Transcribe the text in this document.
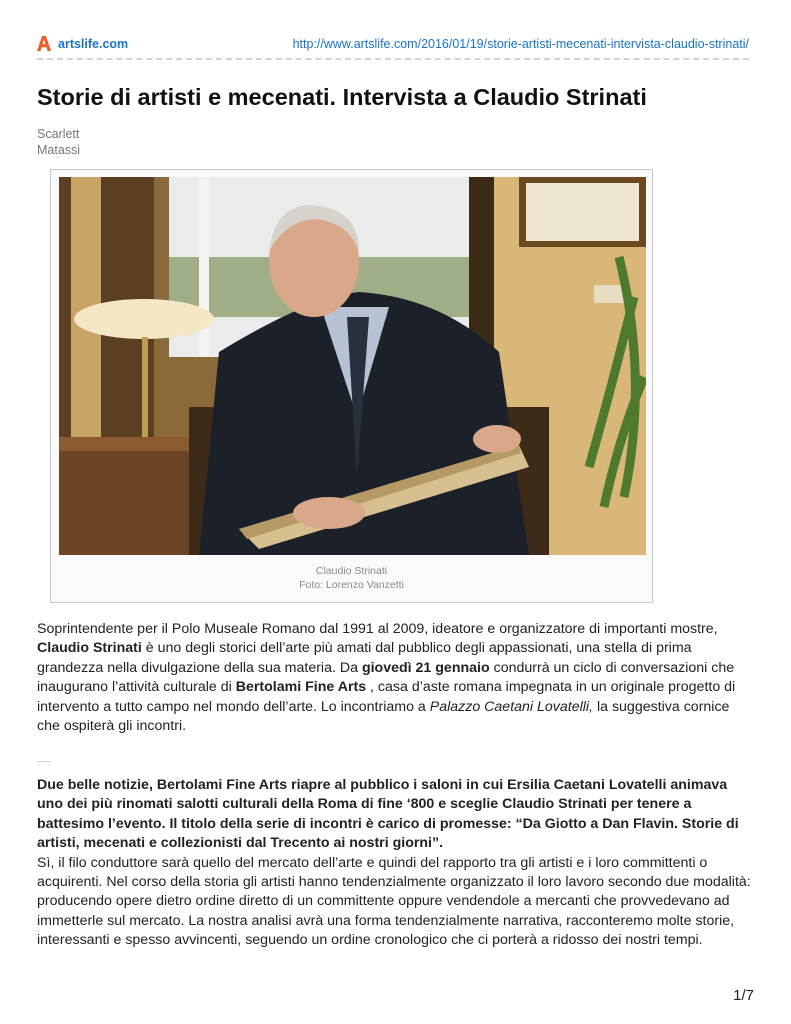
artslife.com	http://www.artslife.com/2016/01/19/storie-artisti-mecenati-intervista-claudio-strinati/
Storie di artisti e mecenati. Intervista a Claudio Strinati
Scarlett
Matassi
Claudio Strinati
Foto: Lorenzo Vanzetti

Soprintendente per il Polo Museale Romano dal 1991 al 2009, ideatore e organizzatore di importanti mostre,
Claudio Strinati è uno degli storici dell’arte più amati dal pubblico degli appassionati, una stella di prima grandezza nella divulgazione della sua materia. Da giovedì 21 gennaio condurrà un ciclo di conversazioni che inaugurano l’attività culturale di Bertolami Fine Arts , casa d’aste romana impegnata in un originale progetto di intervento a tutto campo nel mondo dell’arte. Lo incontriamo a Palazzo Caetani Lovatelli, la suggestiva cornice che ospiterà gli incontri.

Due belle notizie, Bertolami Fine Arts riapre al pubblico i saloni in cui Ersilia Caetani Lovatelli animava uno dei più rinomati salotti culturali della Roma di fine ‘800 e sceglie Claudio Strinati per tenere a battesimo l’evento. Il titolo della serie di incontri è carico di promesse: “Da Giotto a Dan Flavin. Storie di artisti, mecenati e collezionisti dal Trecento ai nostri giorni”.
Sì, il filo conduttore sarà quello del mercato dell’arte e quindi del rapporto tra gli artisti e i loro committenti o acquirenti. Nel corso della storia gli artisti hanno tendenzialmente organizzato il loro lavoro secondo due modalità: producendo opere dietro ordine diretto di un committente oppure vendendole a mercanti che provvedevano ad immetterle sul mercato. La nostra analisi avrà una forma tendenzialmente narrativa, racconteremo molte storie, interessanti e spesso avvincenti, seguendo un ordine cronologico che ci porterà a ridosso dei nostri tempi.

1/7
